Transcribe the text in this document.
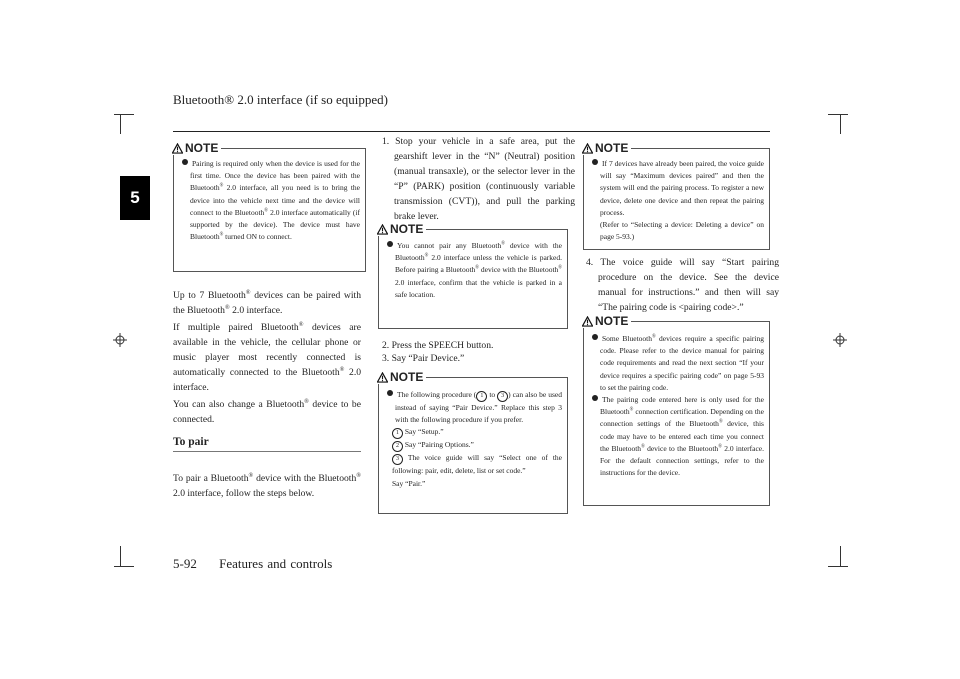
Bluetooth® 2.0 interface (if so equipped)
5
NOTE
Pairing is required only when the device is used for the first time. Once the device has been paired with the Bluetooth® 2.0 interface, all you need is to bring the device into the vehicle next time and the device will connect to the Bluetooth® 2.0 interface automatically (if supported by the device). The device must have Bluetooth® turned ON to connect.
Up to 7 Bluetooth® devices can be paired with the Bluetooth® 2.0 interface.
If multiple paired Bluetooth® devices are available in the vehicle, the cellular phone or music player most recently connected is automatically connected to the Bluetooth® 2.0 interface.
You can also change a Bluetooth® device to be connected.
To pair
To pair a Bluetooth® device with the Bluetooth® 2.0 interface, follow the steps below.
1. Stop your vehicle in a safe area, put the gearshift lever in the “N” (Neutral) position (manual transaxle), or the selector lever in the “P” (PARK) position (continuously variable transmission (CVT)), and pull the parking brake lever.
NOTE
You cannot pair any Bluetooth® device with the Bluetooth® 2.0 interface unless the vehicle is parked. Before pairing a Bluetooth® device with the Bluetooth® 2.0 interface, confirm that the vehicle is parked in a safe location.
2. Press the SPEECH button.
3. Say “Pair Device.”
NOTE
The following procedure ( 1 to 3 ) can also be used instead of saying “Pair Device.” Replace this step 3 with the following procedure if you prefer.
1 Say “Setup.”
2 Say “Pairing Options.”
3 The voice guide will say “Select one of the following: pair, edit, delete, list or set code.”
Say “Pair.”
NOTE
If 7 devices have already been paired, the voice guide will say “Maximum devices paired” and then the system will end the pairing process. To register a new device, delete one device and then repeat the pairing process.
(Refer to “Selecting a device: Deleting a device” on page 5-93.)
4. The voice guide will say “Start pairing procedure on the device. See the device manual for instructions.” and then will say “The pairing code is <pairing code>.”
NOTE
Some Bluetooth® devices require a specific pairing code. Please refer to the device manual for pairing code requirements and read the next section “If your device requires a specific pairing code” on page 5-93 to set the pairing code.
The pairing code entered here is only used for the Bluetooth® connection certification. Depending on the connection settings of the Bluetooth® device, this code may have to be entered each time you connect the Bluetooth® device to the Bluetooth® 2.0 interface. For the default connection settings, refer to the instructions for the device.
5-92 Features and controls
